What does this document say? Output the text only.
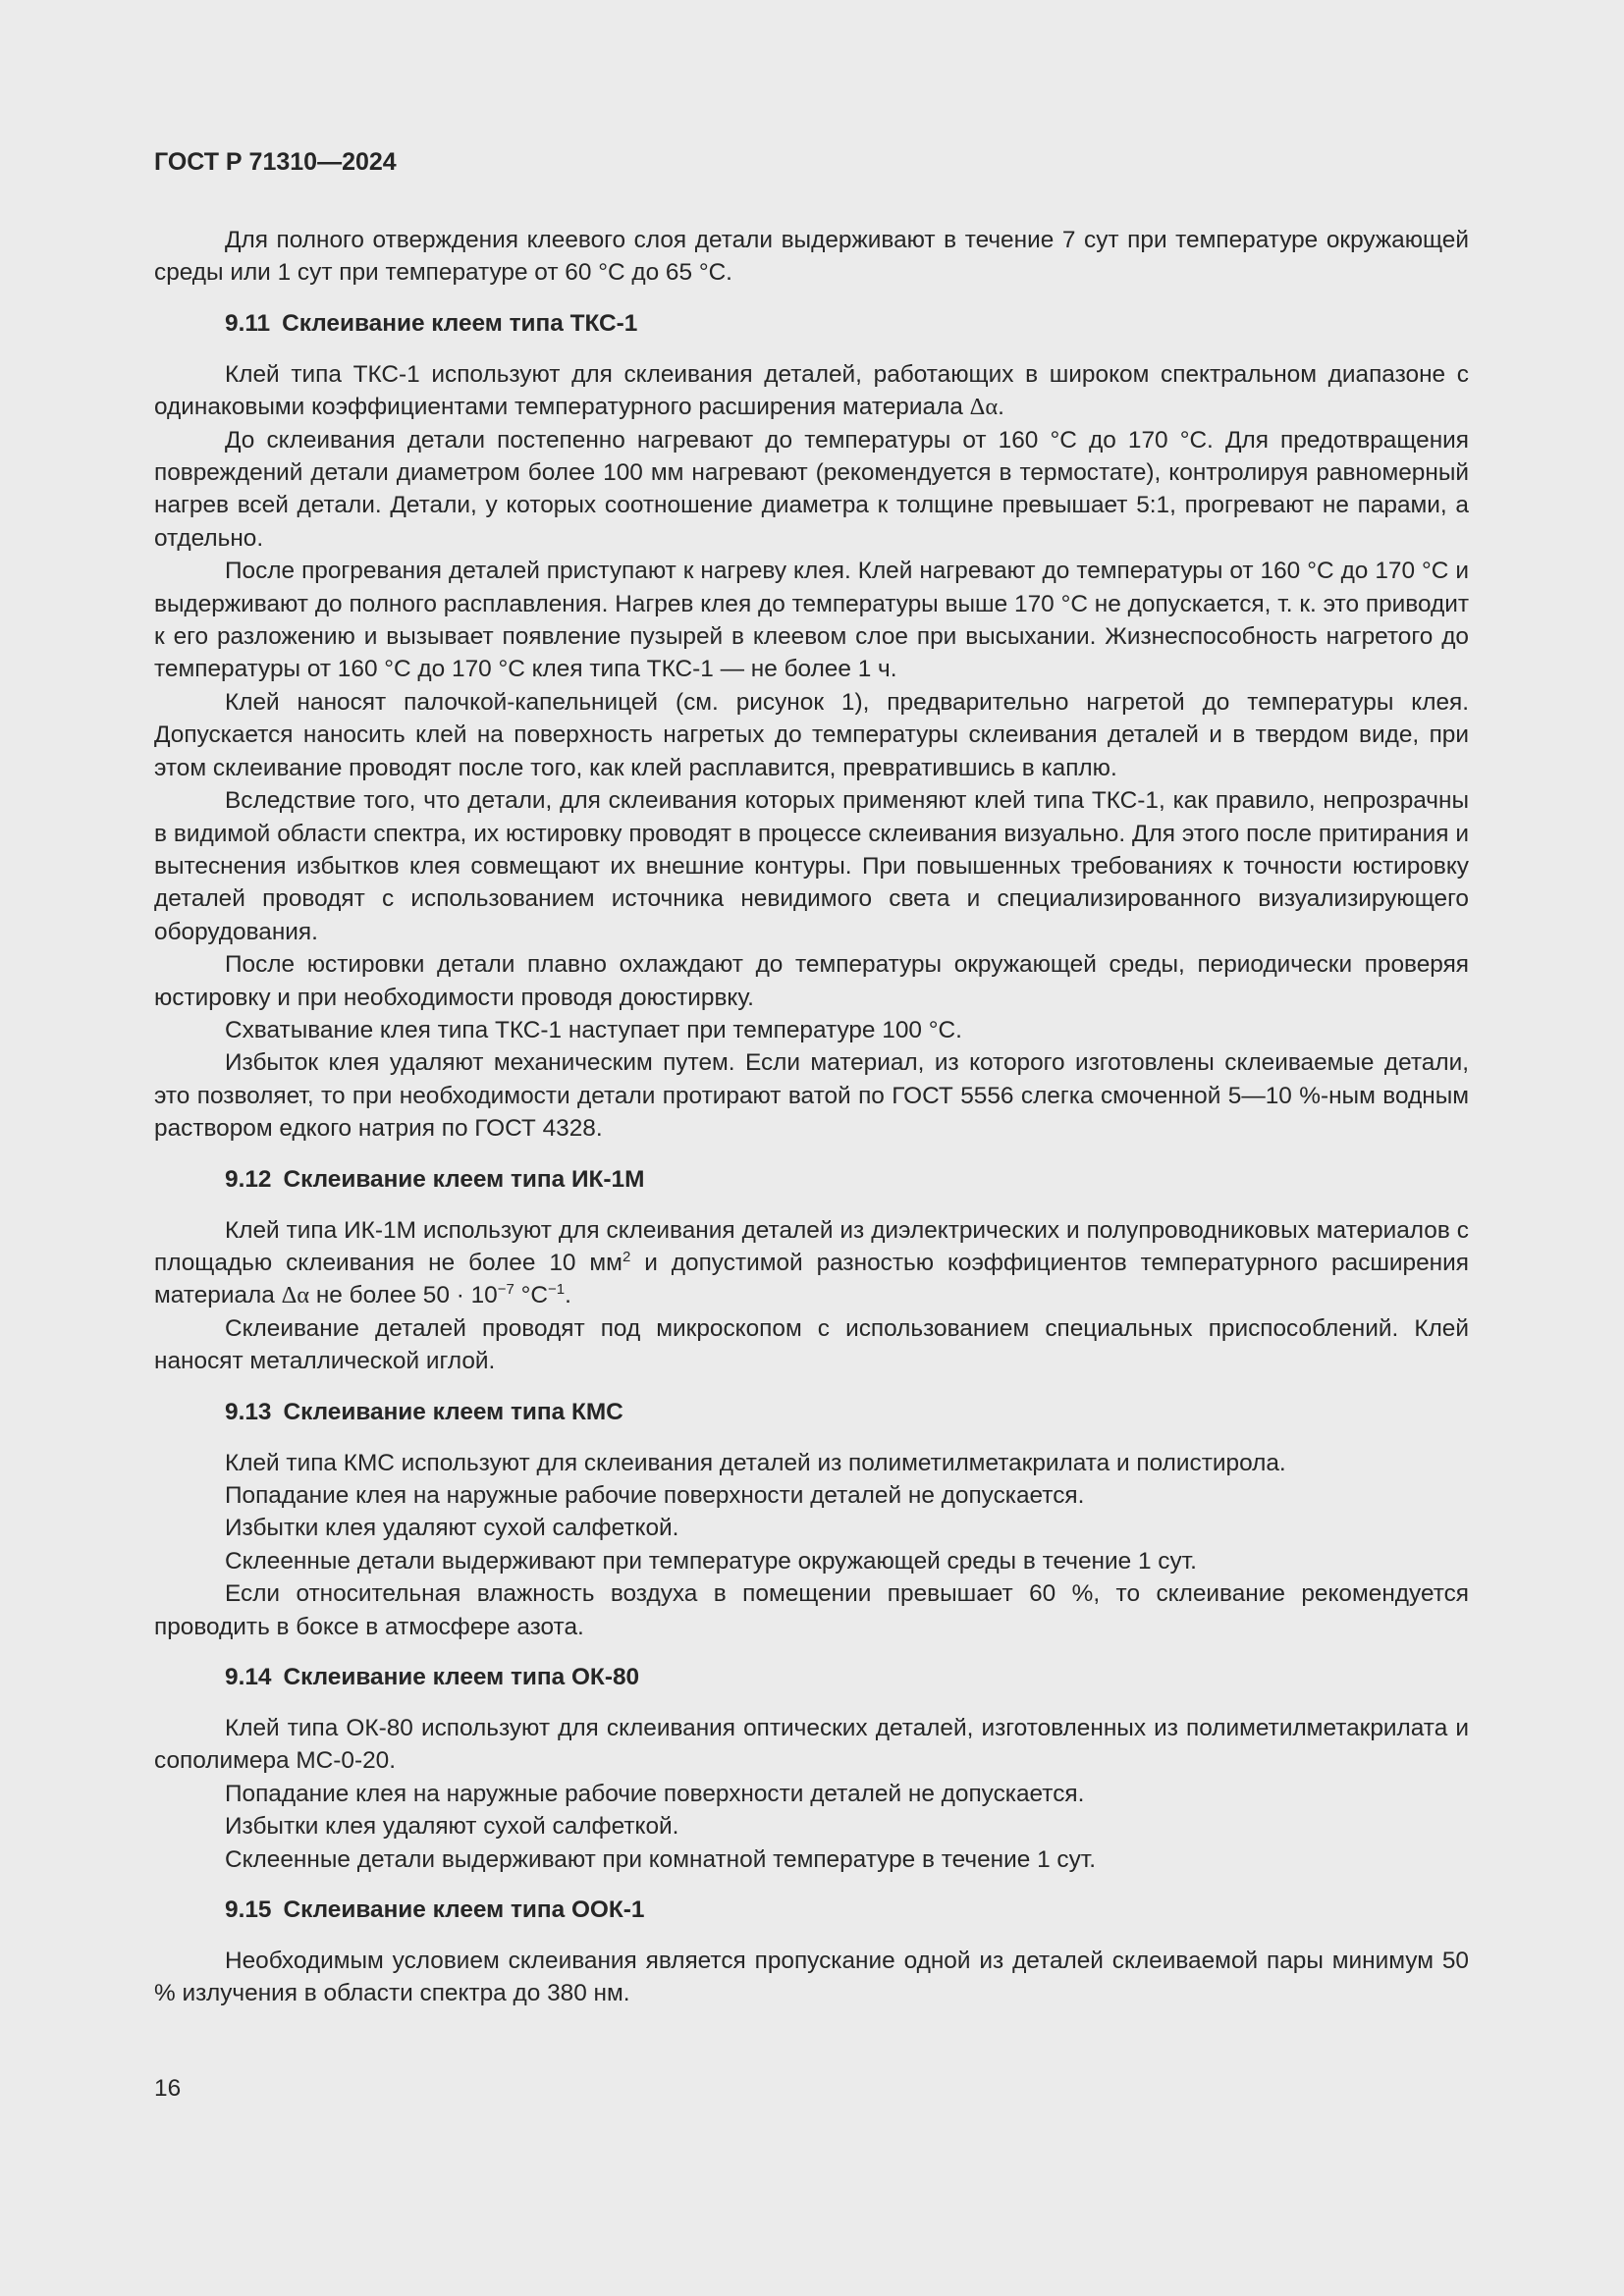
ГОСТ Р 71310—2024

Для полного отверждения клеевого слоя детали выдерживают в течение 7 сут при температуре окружающей среды или 1 сут при температуре от 60 °С до 65 °С.

9.11 Склеивание клеем типа ТКС-1

Клей типа ТКС-1 используют для склеивания деталей, работающих в широком спектральном диапазоне с одинаковыми коэффициентами температурного расширения материала Δα.

До склеивания детали постепенно нагревают до температуры от 160 °С до 170 °С. Для предотвращения повреждений детали диаметром более 100 мм нагревают (рекомендуется в термостате), контролируя равномерный нагрев всей детали. Детали, у которых соотношение диаметра к толщине превышает 5:1, прогревают не парами, а отдельно.

После прогревания деталей приступают к нагреву клея. Клей нагревают до температуры от 160 °С до 170 °С и выдерживают до полного расплавления. Нагрев клея до температуры выше 170 °С не допускается, т. к. это приводит к его разложению и вызывает появление пузырей в клеевом слое при высыхании. Жизнеспособность нагретого до температуры от 160 °С до 170 °С клея типа ТКС-1 — не более 1 ч.

Клей наносят палочкой-капельницей (см. рисунок 1), предварительно нагретой до температуры клея. Допускается наносить клей на поверхность нагретых до температуры склеивания деталей и в твердом виде, при этом склеивание проводят после того, как клей расплавится, превратившись в каплю.

Вследствие того, что детали, для склеивания которых применяют клей типа ТКС-1, как правило, непрозрачны в видимой области спектра, их юстировку проводят в процессе склеивания визуально. Для этого после притирания и вытеснения избытков клея совмещают их внешние контуры. При повышенных требованиях к точности юстировку деталей проводят с использованием источника невидимого света и специализированного визуализирующего оборудования.

После юстировки детали плавно охлаждают до температуры окружающей среды, периодически проверяя юстировку и при необходимости проводя доюстирвку.

Схватывание клея типа ТКС-1 наступает при температуре 100 °С.

Избыток клея удаляют механическим путем. Если материал, из которого изготовлены склеиваемые детали, это позволяет, то при необходимости детали протирают ватой по ГОСТ 5556 слегка смоченной 5—10 %-ным водным раствором едкого натрия по ГОСТ 4328.

9.12 Склеивание клеем типа ИК-1М

Клей типа ИК-1М используют для склеивания деталей из диэлектрических и полупроводниковых материалов с площадью склеивания не более 10 $мм^2$ и допустимой разностью коэффициентов температурного расширения материала Δα не более $50 \cdot 10^{-7}$ $^\circ С^{-1}$.

Склеивание деталей проводят под микроскопом с использованием специальных приспособлений. Клей наносят металлической иглой.

9.13 Склеивание клеем типа КМС

Клей типа КМС используют для склеивания деталей из полиметилметакрилата и полистирола.

Попадание клея на наружные рабочие поверхности деталей не допускается.

Избытки клея удаляют сухой салфеткой.

Склеенные детали выдерживают при температуре окружающей среды в течение 1 сут.

Если относительная влажность воздуха в помещении превышает 60 %, то склеивание рекомендуется проводить в боксе в атмосфере азота.

9.14 Склеивание клеем типа ОК-80

Клей типа ОК-80 используют для склеивания оптических деталей, изготовленных из полиметилметакрилата и сополимера МС-0-20.

Попадание клея на наружные рабочие поверхности деталей не допускается.

Избытки клея удаляют сухой салфеткой.

Склеенные детали выдерживают при комнатной температуре в течение 1 сут.

9.15 Склеивание клеем типа ООК-1

Необходимым условием склеивания является пропускание одной из деталей склеиваемой пары минимум 50 % излучения в области спектра до 380 нм.

16
